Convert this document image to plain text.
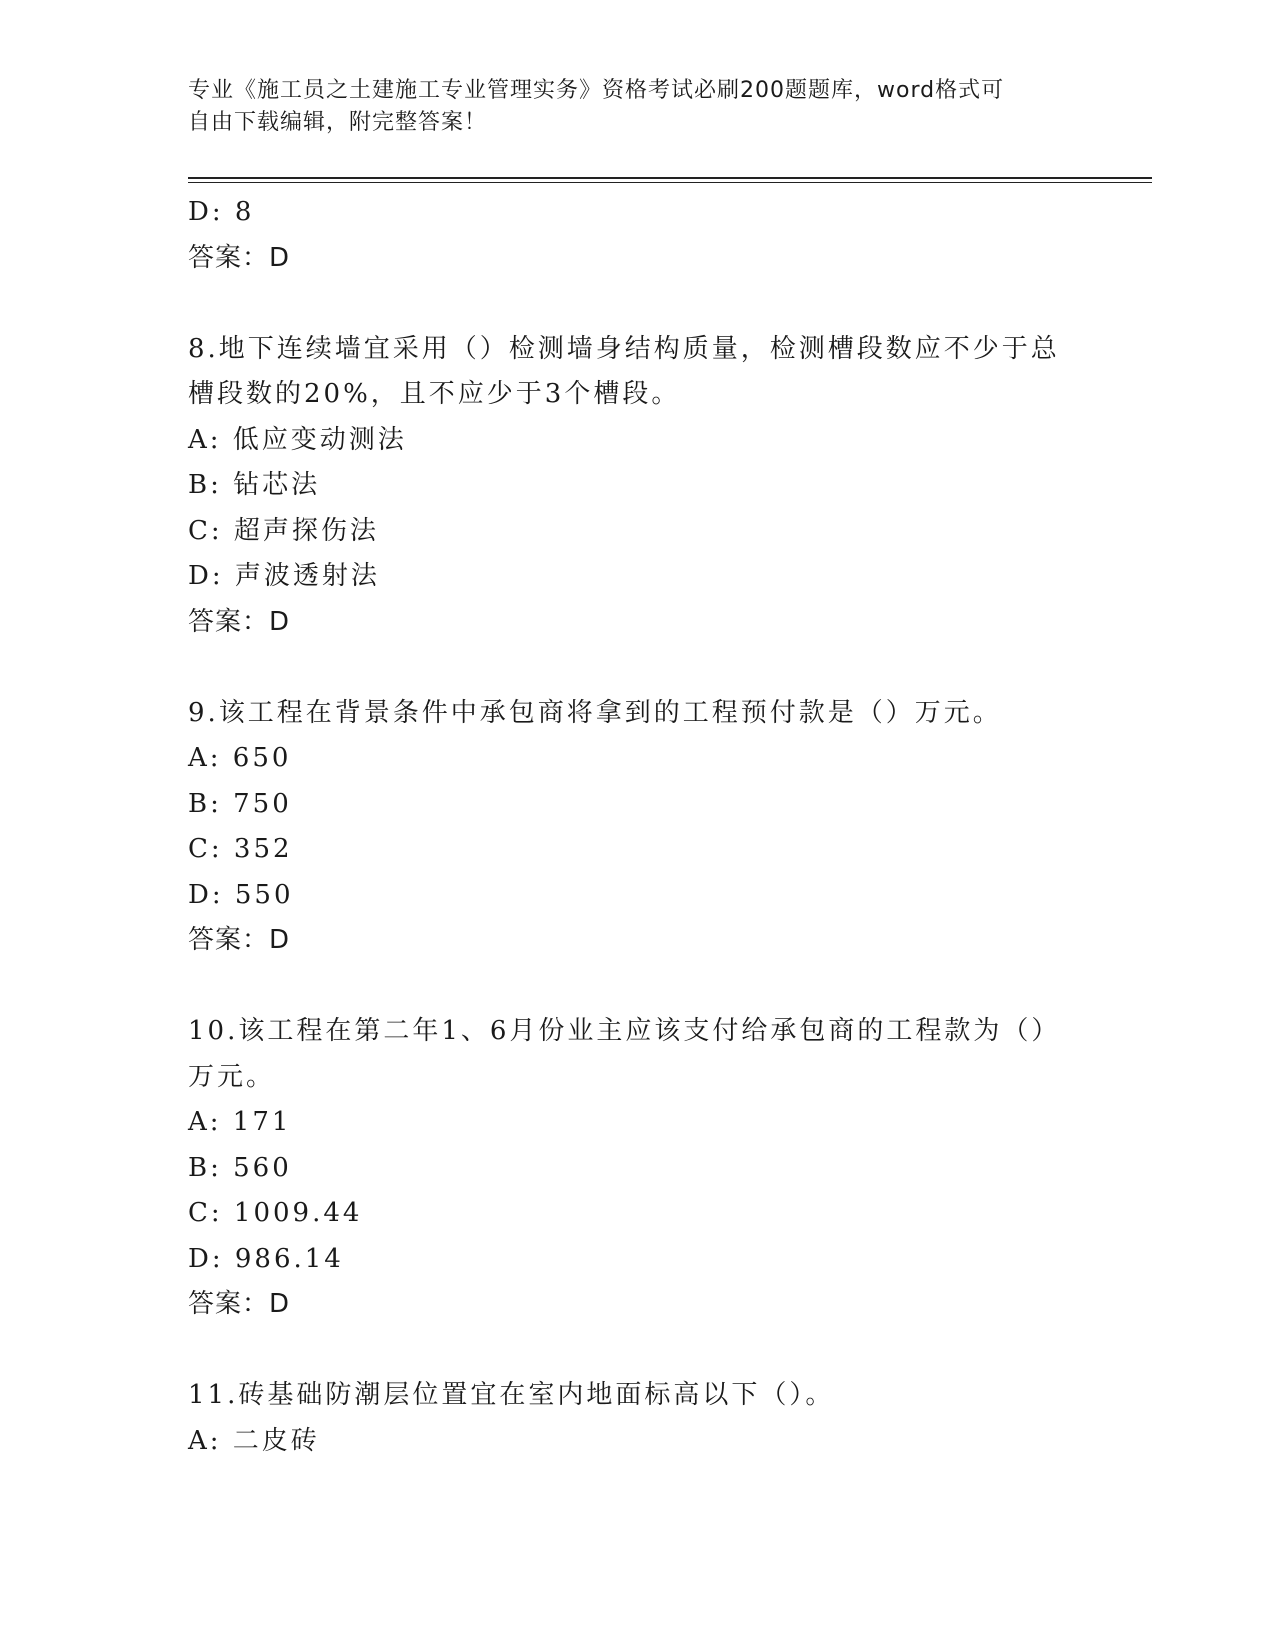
专业《施工员之土建施工专业管理实务》资格考试必刷200题题库，word格式可
自由下载编辑，附完整答案！
D: 8
答案：D
8.地下连续墙宜采用（）检测墙身结构质量，检测槽段数应不少于总
槽段数的20%，且不应少于3个槽段。
A: 低应变动测法
B: 钻芯法
C: 超声探伤法
D: 声波透射法
答案：D
9.该工程在背景条件中承包商将拿到的工程预付款是（）万元。
A: 650
B: 750
C: 352
D: 550
答案：D
10.该工程在第二年1、6月份业主应该支付给承包商的工程款为（）
万元。
A: 171
B: 560
C: 1009.44
D: 986.14
答案：D
11.砖基础防潮层位置宜在室内地面标高以下（）。
A: 二皮砖
